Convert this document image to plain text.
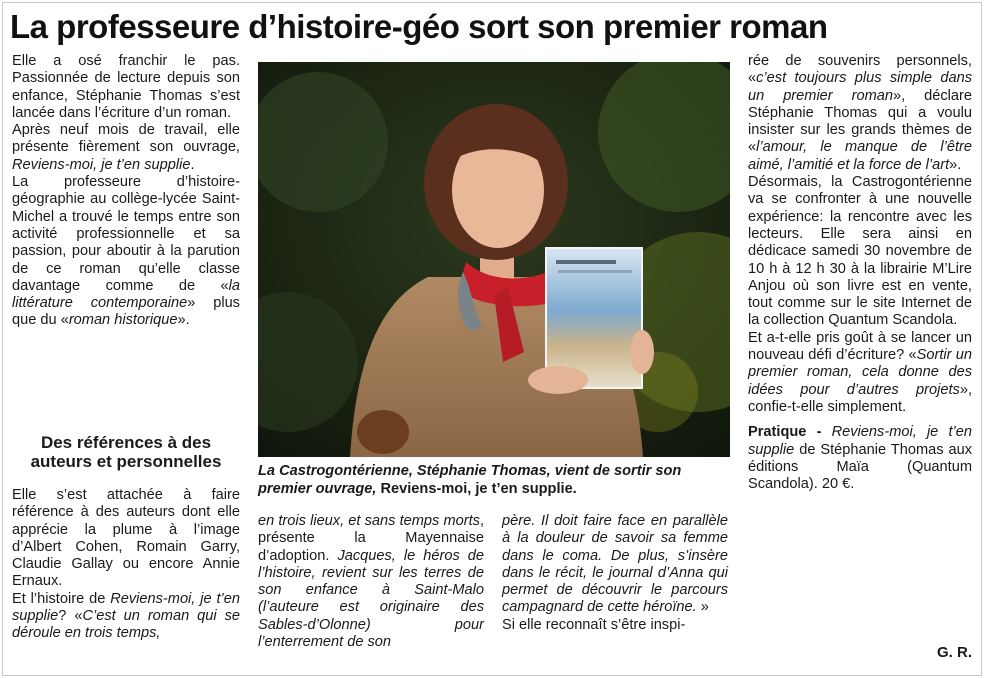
La professeure d’histoire-géo sort son premier roman

Elle a osé franchir le pas. Passionnée de lecture depuis son enfance, Stéphanie Thomas s’est lancée dans l’écriture d’un roman.

Après neuf mois de travail, elle présente fièrement son ouvrage, Reviens-moi, je t’en supplie.

La professeure d’histoire-géographie au collège-lycée Saint-Michel a trouvé le temps entre son activité professionnelle et sa passion, pour aboutir à la parution de ce roman qu’elle classe davantage comme de «la littérature contemporaine» plus que du «roman historique».

Des références à des auteurs et personnelles

Elle s’est attachée à faire référence à des auteurs dont elle apprécie la plume à l’image d’Albert Cohen, Romain Garry, Claudie Gallay ou encore Annie Ernaux.

Et l’histoire de Reviens-moi, je t’en supplie? «C’est un roman qui se déroule en trois temps,

La Castrogontérienne, Stéphanie Thomas, vient de sortir son premier ouvrage, Reviens-moi, je t’en supplie.

en trois lieux, et sans temps morts, présente la Mayennaise d’adoption. Jacques, le héros de l’histoire, revient sur les terres de son enfance à Saint-Malo (l’auteure est originaire des Sables-d’Olonne) pour l’enterrement de son

père. Il doit faire face en parallèle à la douleur de savoir sa femme dans le coma. De plus, s’insère dans le récit, le journal d’Anna qui permet de découvrir le parcours campagnard de cette héroïne. »

Si elle reconnaît s’être inspi-

rée de souvenirs personnels, «c’est toujours plus simple dans un premier roman», déclare Stéphanie Thomas qui a voulu insister sur les grands thèmes de «l’amour, le manque de l’être aimé, l’amitié et la force de l’art».

Désormais, la Castrogontérienne va se confronter à une nouvelle expérience: la rencontre avec les lecteurs. Elle sera ainsi en dédicace samedi 30 novembre de 10 h à 12 h 30 à la librairie M’Lire Anjou où son livre est en vente, tout comme sur le site Internet de la collection Quantum Scandola.

Et a-t-elle pris goût à se lancer un nouveau défi d’écriture? «Sortir un premier roman, cela donne des idées pour d’autres projets», confie-t-elle simplement.

Pratique - Reviens-moi, je t’en supplie de Stéphanie Thomas aux éditions Maïa (Quantum Scandola). 20 €.

G. R.
